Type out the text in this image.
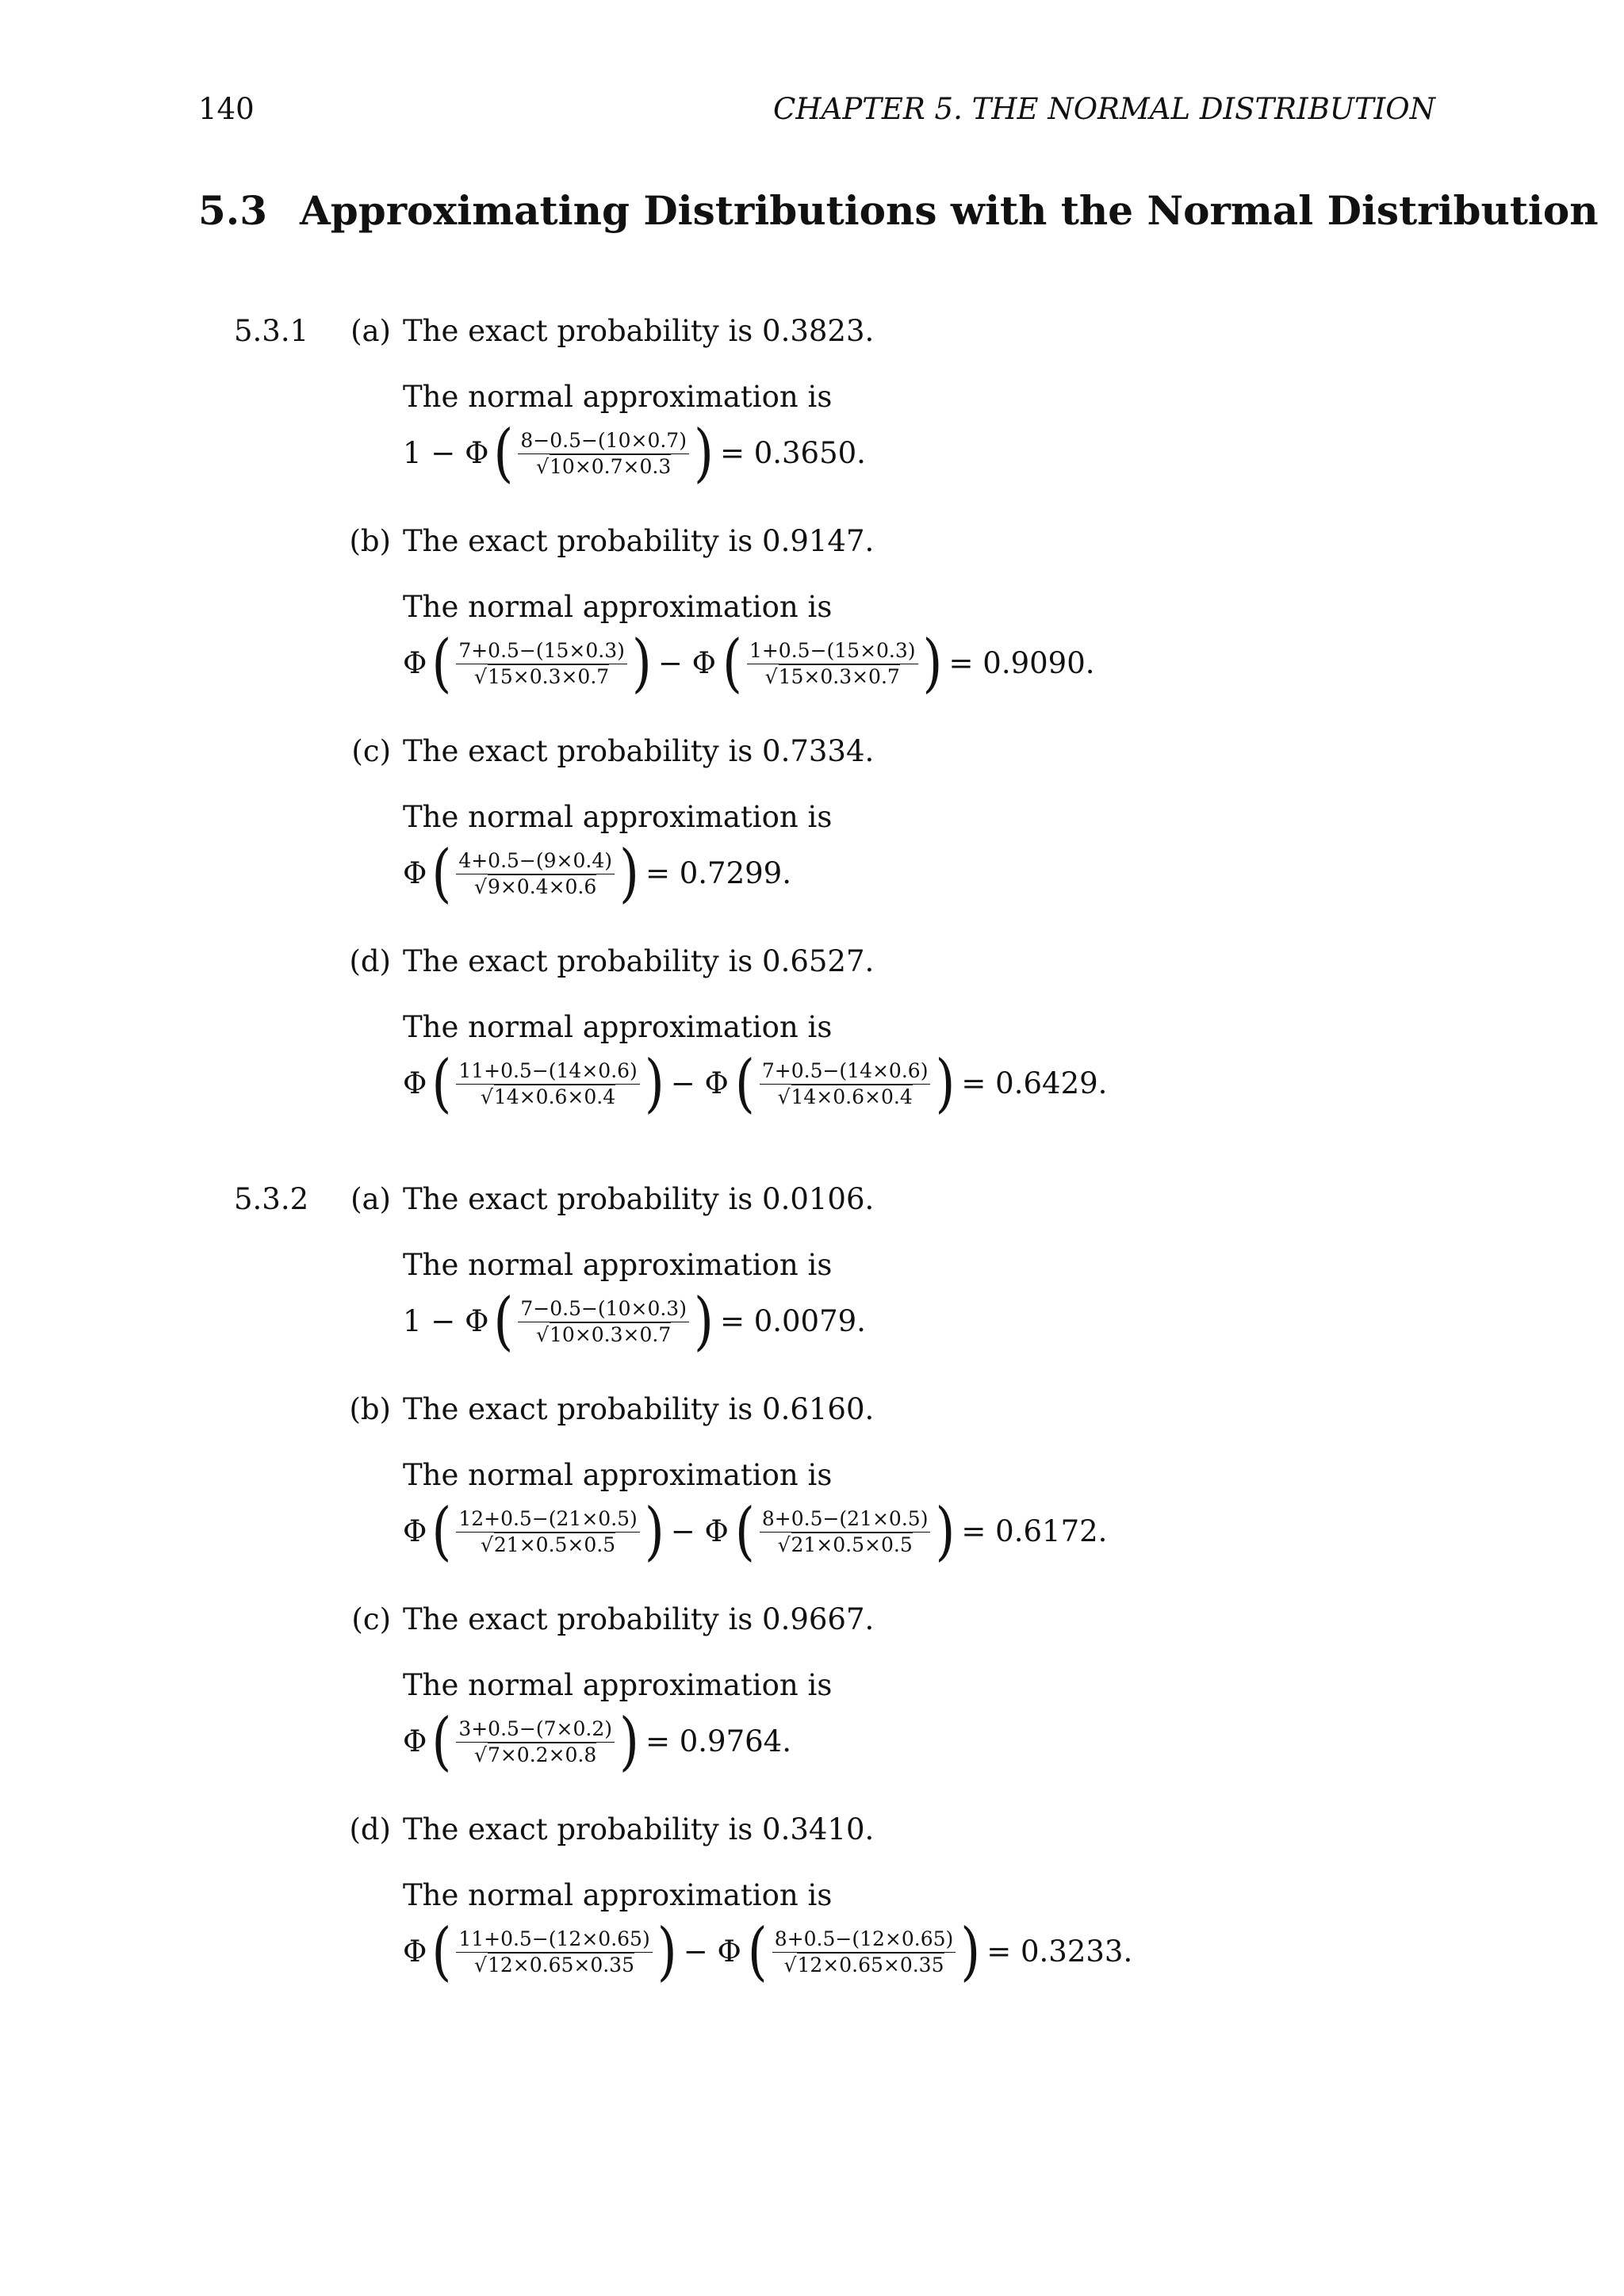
140	CHAPTER 5. THE NORMAL DISTRIBUTION
5.3 Approximating Distributions with the Normal Distribution
5.3.1 (a) The exact probability is 0.3823.
The normal approximation is
1 − Φ ( $\frac{8-0.5-(10\times 0.7)}{√10\times 0.7\times 0.3}$ ) = 0.3650.
(b) The exact probability is 0.9147.
The normal approximation is
Φ ( $\frac{7+0.5-(15\times 0.3)}{√15\times 0.3\times 0.7}$ ) − Φ ( $\frac{1+0.5-(15\times 0.3)}{√15\times 0.3\times 0.7}$ ) = 0.9090.
(c) The exact probability is 0.7334.
The normal approximation is
Φ ( $\frac{4+0.5-(9\times 0.4)}{√9\times 0.4\times 0.6}$ ) = 0.7299.
(d) The exact probability is 0.6527.
The normal approximation is
Φ ( $\frac{11+0.5-(14\times 0.6)}{√14\times 0.6\times 0.4}$ ) − Φ ( $\frac{7+0.5-(14\times 0.6)}{√14\times 0.6\times 0.4}$ ) = 0.6429.
5.3.2 (a) The exact probability is 0.0106.
The normal approximation is
1 − Φ ( $\frac{7-0.5-(10\times 0.3)}{√10\times 0.3\times 0.7}$ ) = 0.0079.
(b) The exact probability is 0.6160.
The normal approximation is
Φ ( $\frac{12+0.5-(21\times 0.5)}{√21\times 0.5\times 0.5}$ ) − Φ ( $\frac{8+0.5-(21\times 0.5)}{√21\times 0.5\times 0.5}$ ) = 0.6172.
(c) The exact probability is 0.9667.
The normal approximation is
Φ ( $\frac{3+0.5-(7\times 0.2)}{√7\times 0.2\times 0.8}$ ) = 0.9764.
(d) The exact probability is 0.3410.
The normal approximation is
Φ ( $\frac{11+0.5-(12\times 0.65)}{√12\times 0.65\times 0.35}$ ) − Φ ( $\frac{8+0.5-(12\times 0.65)}{√12\times 0.65\times 0.35}$ ) = 0.3233.
